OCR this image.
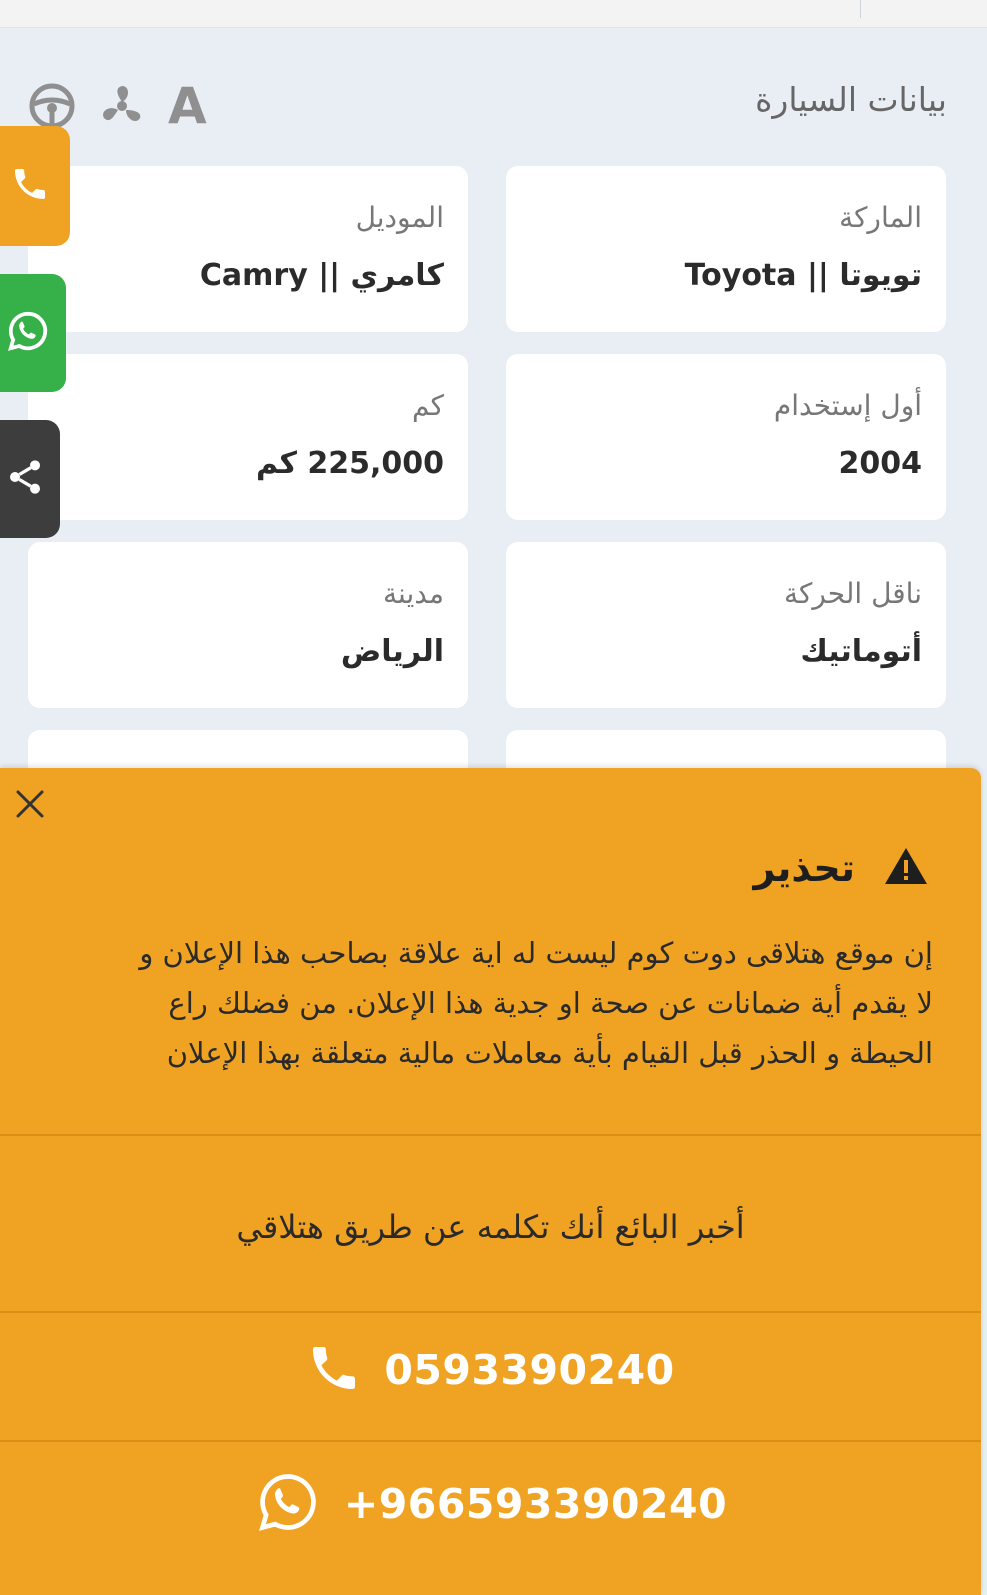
بيانات السيارة
A
الماركة
تويوتا || Toyota
الموديل
كامري || Camry
أول إستخدام
2004
كم
225,000 كم
ناقل الحركة
أتوماتيك
مدينة
الرياض
تحذير
إن موقع هتلاقى دوت كوم ليست له اية علاقة بصاحب هذا الإعلان و
لا يقدم أية ضمانات عن صحة او جدية هذا الإعلان. من فضلك راع
الحيطة و الحذر قبل القيام بأية معاملات مالية متعلقة بهذا الإعلان
أخبر البائع أنك تكلمه عن طريق هتلاقي
0593390240
+966593390240
